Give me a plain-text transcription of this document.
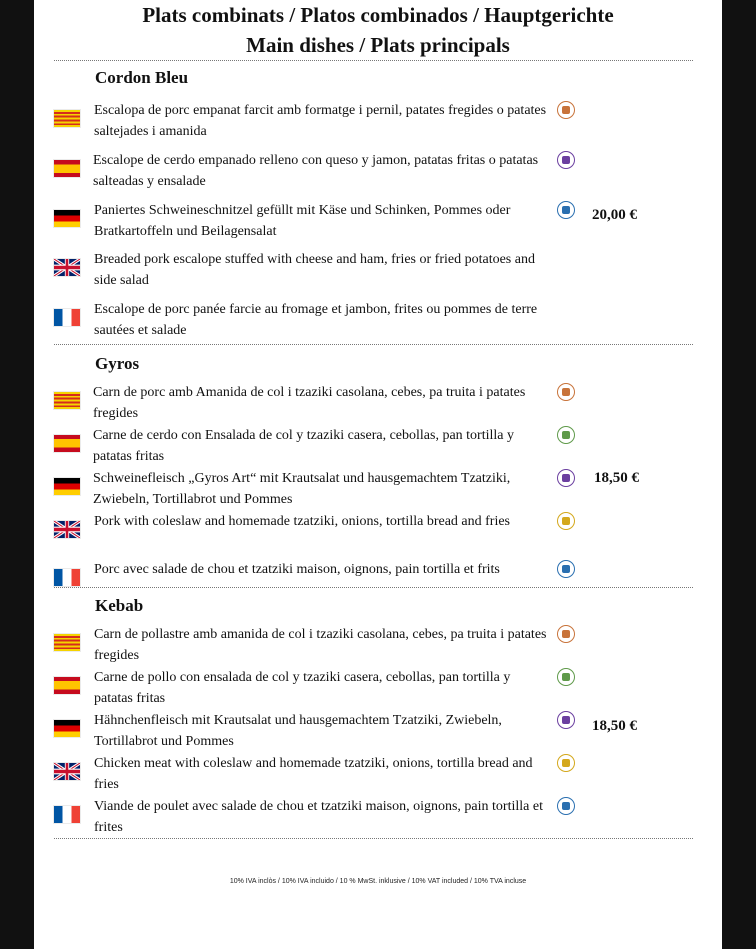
Plats combinats / Platos combinados / Hauptgerichte
Main dishes / Plats principals
Cordon Bleu
Escalopa de porc empanat farcit amb formatge i pernil, patates fregides o patates saltejades i amanida
Escalope de cerdo empanado relleno con queso y jamon, patatas fritas o patatas salteadas y ensalade
Paniertes Schweineschnitzel gefüllt mit Käse und Schinken, Pommes oder Bratkartoffeln und Beilagensalat
Breaded pork escalope stuffed with cheese and ham, fries or fried potatoes and side salad
Escalope de porc panée farcie au fromage et jambon, frites ou pommes de terre sautées et salade
20,00 €
Gyros
Carn de porc amb Amanida de col i tzaziki casolana, cebes, pa truita i patates fregides
Carne de cerdo con Ensalada de col y tzaziki casera, cebollas, pan tortilla y patatas fritas
Schweinefleisch „Gyros Art“ mit Krautsalat und hausgemachtem Tzatziki, Zwiebeln, Tortillabrot und Pommes
Pork with coleslaw and homemade tzatziki, onions, tortilla bread and fries
Porc avec salade de chou et tzatziki maison, oignons, pain tortilla et frits
18,50 €
Kebab
Carn de pollastre amb amanida de col i tzaziki casolana, cebes, pa truita i patates fregides
Carne de pollo con ensalada de col y tzaziki casera, cebollas, pan tortilla y patatas fritas
Hähnchenfleisch mit Krautsalat und hausgemachtem Tzatziki, Zwiebeln, Tortillabrot und Pommes
Chicken meat with coleslaw and homemade tzatziki, onions, tortilla bread and fries
Viande de poulet avec salade de chou et tzatziki maison, oignons, pain tortilla et frites
18,50 €
10% IVA inclòs / 10% IVA incluido / 10 % MwSt. inklusive / 10% VAT included / 10% TVA incluse
